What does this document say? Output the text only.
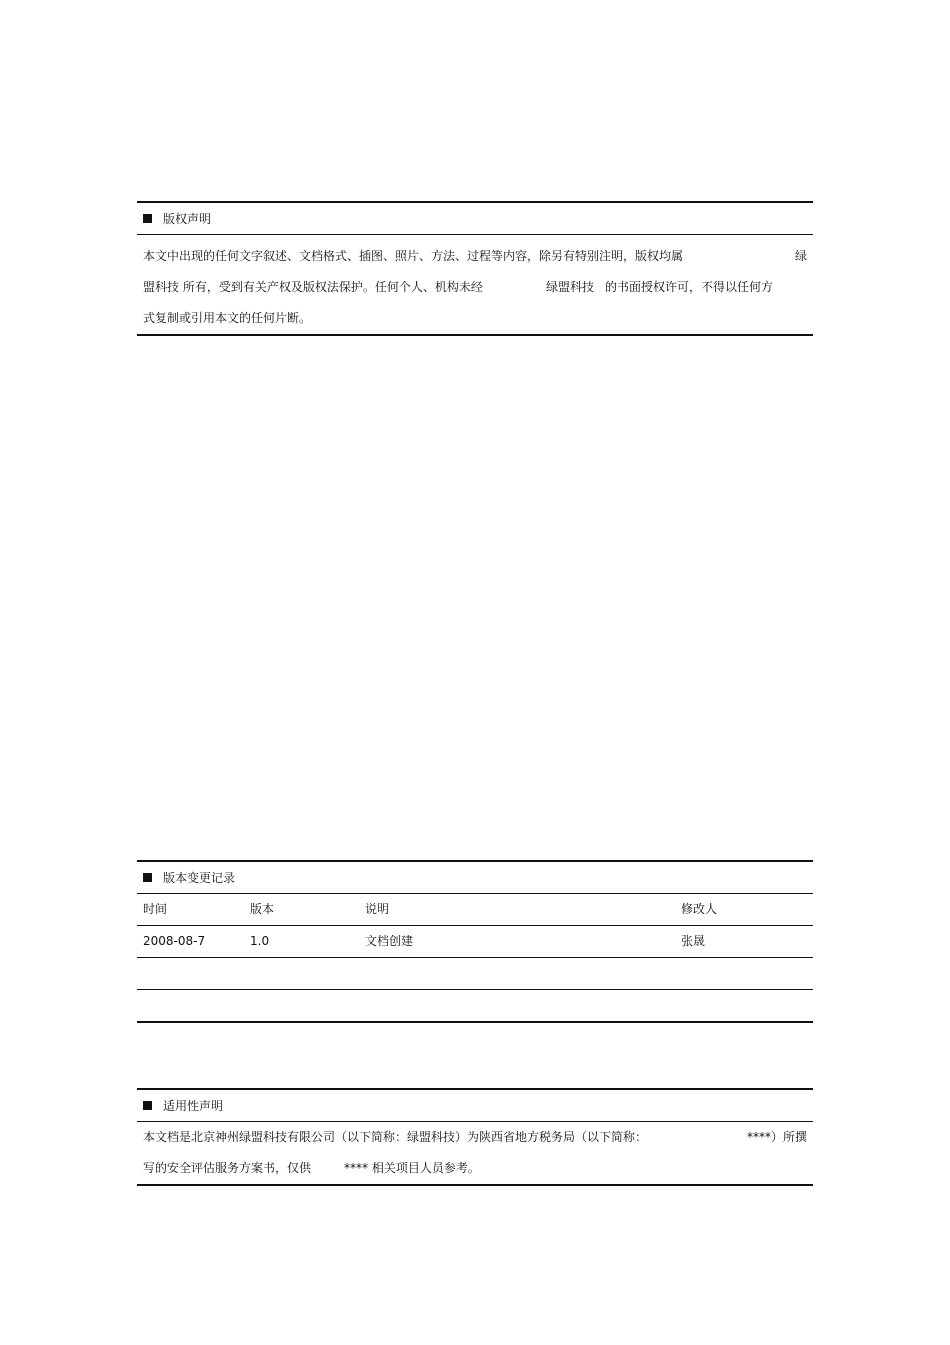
版权声明
本文中出现的任何文字叙述、文档格式、插图、照片、方法、过程等内容，除另有特别注明，版权均属	绿
盟科技 所有，受到有关产权及版权法保护。任何个人、机构未经	绿盟科技 的书面授权许可，不得以任何方
式复制或引用本文的任何片断。
版本变更记录
时间	版本	说明	修改人
2008-08-7	1.0	文档创建	张晟
适用性声明
本文档是北京神州绿盟科技有限公司（以下简称：绿盟科技）为陕西省地方税务局（以下简称：	****）所撰
写的安全评估服务方案书，仅供	**** 相关项目人员参考。
